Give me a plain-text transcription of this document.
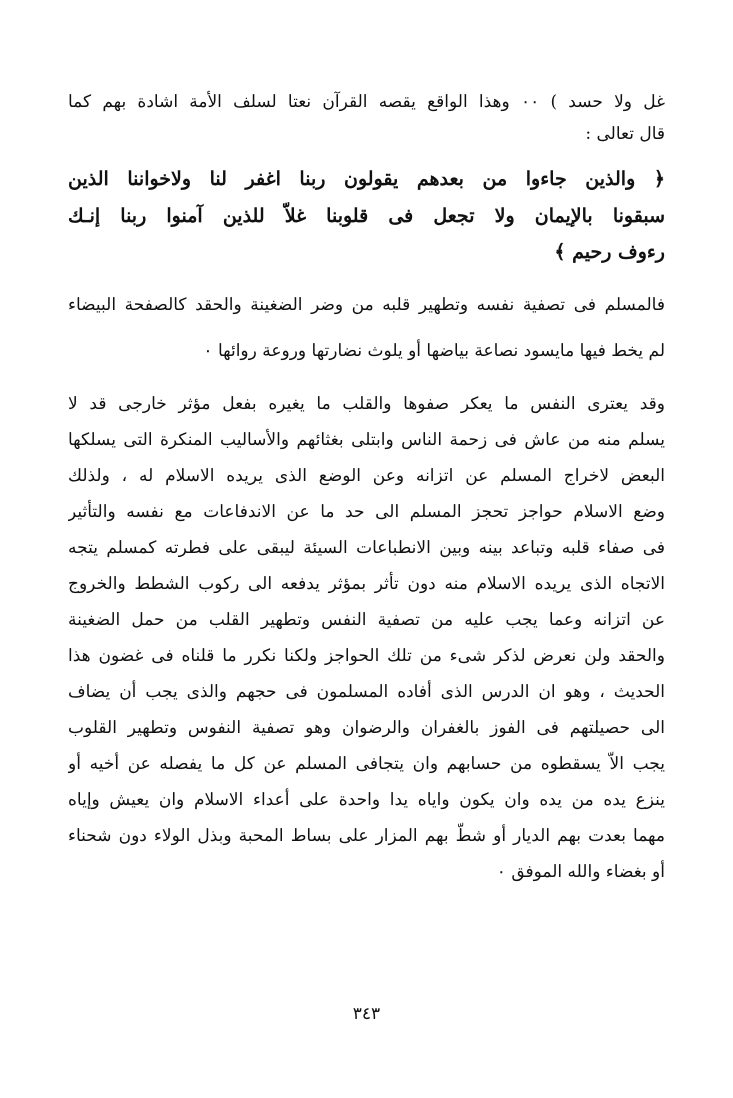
غل ولا حسد ) ٠٠ وهذا الواقع يقصه القرآن نعتا لسلف الأمة اشادة بهم كما
قال تعالى :
﴿ والذين جاءوا من بعدهم يقولون ربنا اغفر لنا ولاخواننا الذين
سبقونا بالإيمان ولا تجعل فى قلوبنا غلاّ للذين آمنوا ربنا إنـك
رءوف رحيم ﴾
فالمسلم فى تصفية نفسه وتطهير قلبه من وضر الضغينة والحقد كالصفحة البيضاء
لم يخط فيها مايسود نصاعة بياضها أو يلوث نضارتها وروعة روائها ٠
وقد يعترى النفس ما يعكر صفوها والقلب ما يغيره بفعل مؤثر خارجى قد لا
يسلم منه من عاش فى زحمة الناس وابتلى بغثائهم والأساليب المنكرة التى يسلكها
البعض لاخراج المسلم عن اتزانه وعن الوضع الذى يريده الاسلام له ، ولذلك
وضع الاسلام حواجز تحجز المسلم الى حد ما عن الاندفاعات مع نفسه والتأثير
فى صفاء قلبه وتباعد بينه وبين الانطباعات السيئة ليبقى على فطرته كمسلم يتجه
الاتجاه الذى يريده الاسلام منه دون تأثر بمؤثر يدفعه الى ركوب الشطط والخروج
عن اتزانه وعما يجب عليه من تصفية النفس وتطهير القلب من حمل الضغينة
والحقد ولن نعرض لذكر شىء من تلك الحواجز ولكنا نكرر ما قلناه فى غضون هذا
الحديث ، وهو ان الدرس الذى أفاده المسلمون فى حجهم والذى يجب أن يضاف
الى حصيلتهم فى الفوز بالغفران والرضوان وهو تصفية النفوس وتطهير القلوب
يجب الاّ يسقطوه من حسابهم وان يتجافى المسلم عن كل ما يفصله عن أخيه أو
ينزع يده من يده وان يكون واياه يدا واحدة على أعداء الاسلام وان يعيش وإياه
مهما بعدت بهم الديار أو شطّ بهم المزار على بساط المحبة وبذل الولاء دون شحناء
أو بغضاء والله الموفق ٠
٣٤٣
